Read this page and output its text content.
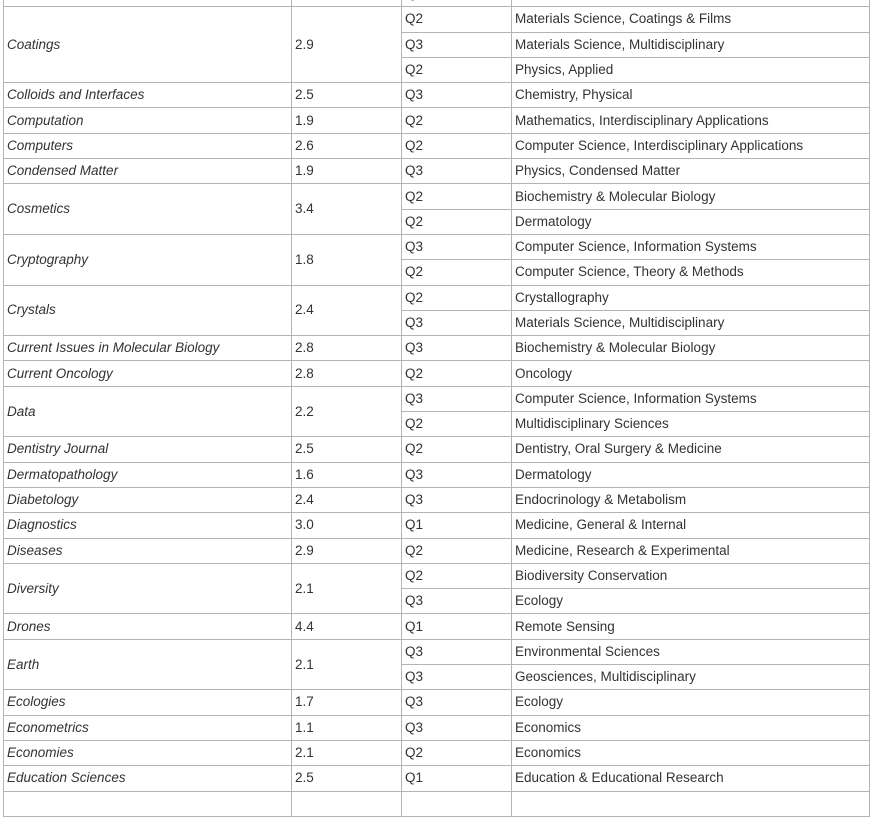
Coatings	2.9	Q2	Materials Science, Coatings & Films
		Q3	Materials Science, Multidisciplinary
		Q2	Physics, Applied
Colloids and Interfaces	2.5	Q3	Chemistry, Physical
Computation	1.9	Q2	Mathematics, Interdisciplinary Applications
Computers	2.6	Q2	Computer Science, Interdisciplinary Applications
Condensed Matter	1.9	Q3	Physics, Condensed Matter
Cosmetics	3.4	Q2	Biochemistry & Molecular Biology
		Q2	Dermatology
Cryptography	1.8	Q3	Computer Science, Information Systems
		Q2	Computer Science, Theory & Methods
Crystals	2.4	Q2	Crystallography
		Q3	Materials Science, Multidisciplinary
Current Issues in Molecular Biology	2.8	Q3	Biochemistry & Molecular Biology
Current Oncology	2.8	Q2	Oncology
Data	2.2	Q3	Computer Science, Information Systems
		Q2	Multidisciplinary Sciences
Dentistry Journal	2.5	Q2	Dentistry, Oral Surgery & Medicine
Dermatopathology	1.6	Q3	Dermatology
Diabetology	2.4	Q3	Endocrinology & Metabolism
Diagnostics	3.0	Q1	Medicine, General & Internal
Diseases	2.9	Q2	Medicine, Research & Experimental
Diversity	2.1	Q2	Biodiversity Conservation
		Q3	Ecology
Drones	4.4	Q1	Remote Sensing
Earth	2.1	Q3	Environmental Sciences
		Q3	Geosciences, Multidisciplinary
Ecologies	1.7	Q3	Ecology
Econometrics	1.1	Q3	Economics
Economies	2.1	Q2	Economics
Education Sciences	2.5	Q1	Education & Educational Research
